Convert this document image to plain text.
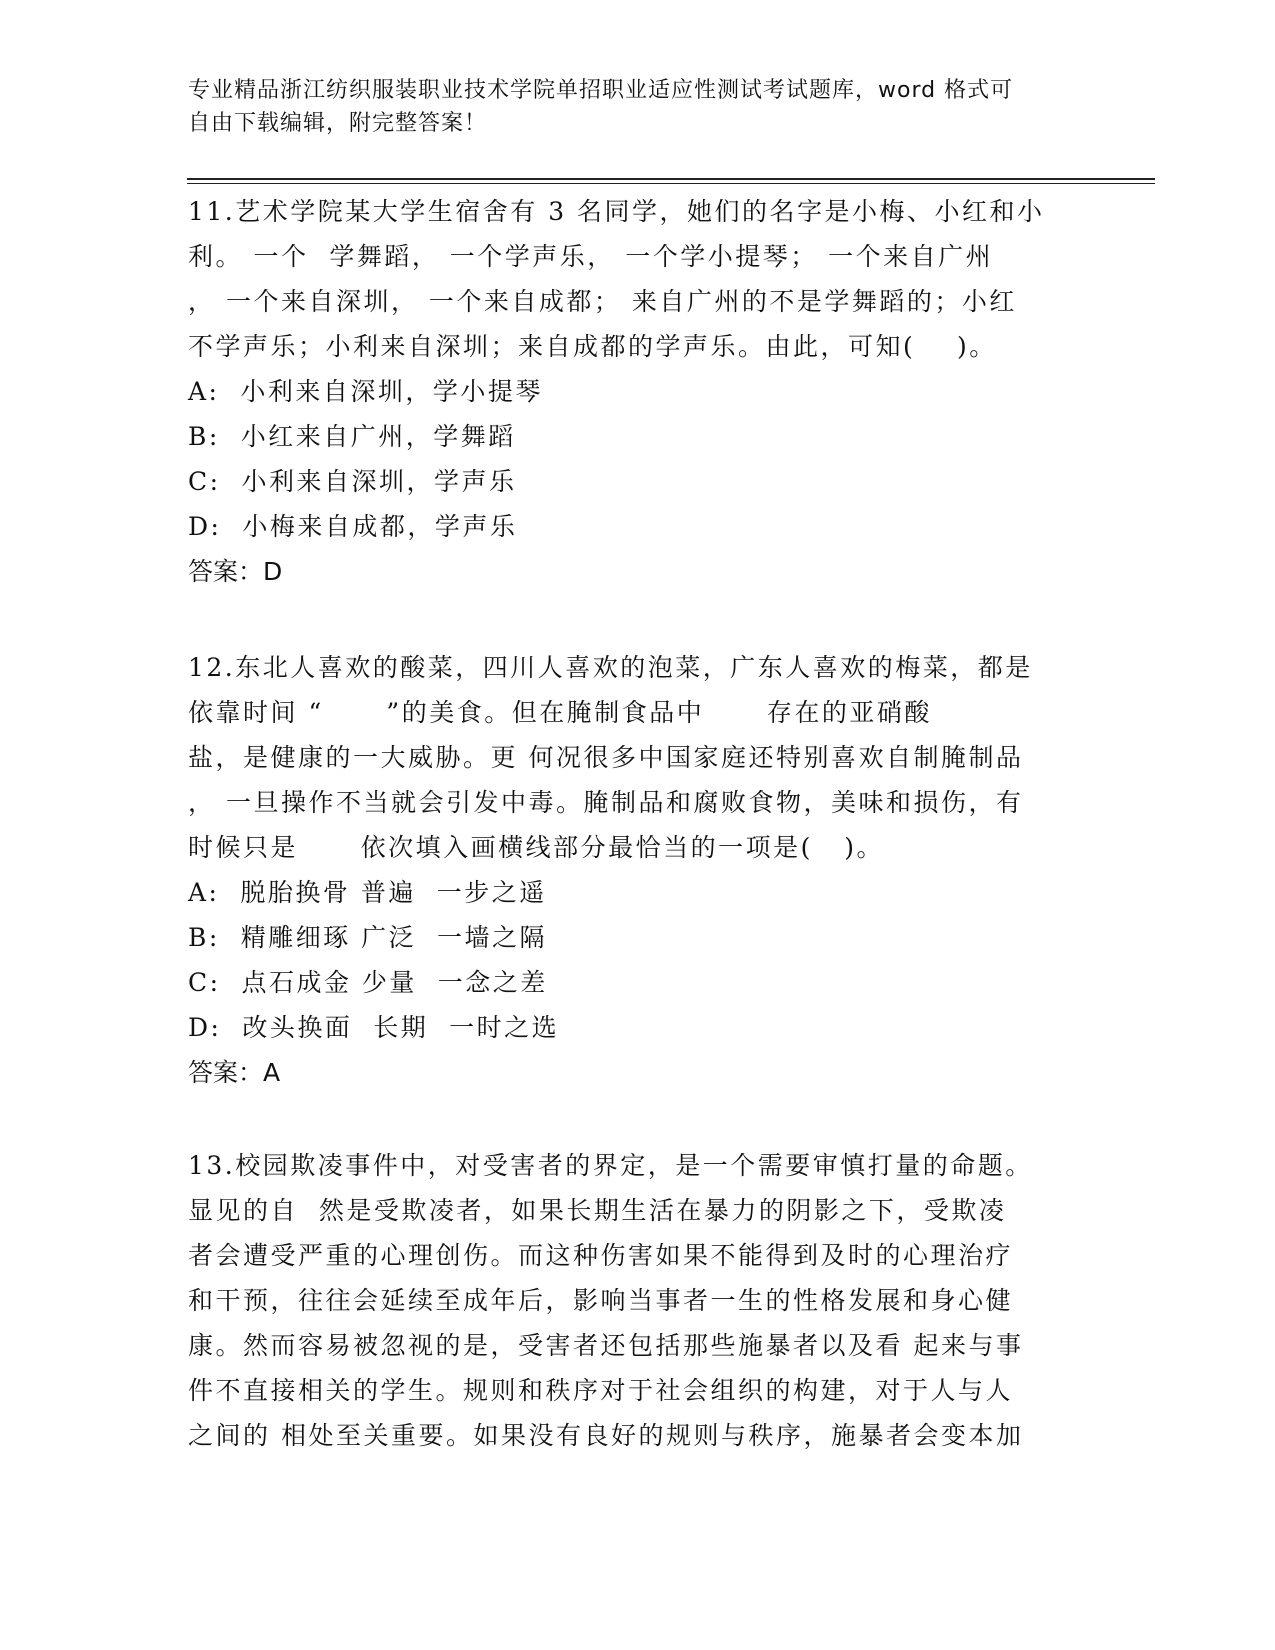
专业精品浙江纺织服装职业技术学院单招职业适应性测试考试题库，word 格式可
自由下载编辑，附完整答案！
11.艺术学院某大学生宿舍有 3 名同学，她们的名字是小梅、小红和小
利。 一个  学舞蹈， 一个学声乐， 一个学小提琴； 一个来自广州
， 一个来自深圳， 一个来自成都； 来自广州的不是学舞蹈的；小红
不学声乐；小利来自深圳；来自成都的学声乐。由此，可知(    )。
A:  小利来自深圳，学小提琴
B:  小红来自广州，学舞蹈
C:  小利来自深圳，学声乐
D:  小梅来自成都，学声乐
答案：D
12.东北人喜欢的酸菜，四川人喜欢的泡菜，广东人喜欢的梅菜，都是
依靠时间 “      ”的美食。但在腌制食品中      存在的亚硝酸
盐，是健康的一大威胁。更 何况很多中国家庭还特别喜欢自制腌制品
， 一旦操作不当就会引发中毒。腌制品和腐败食物，美味和损伤，有
时候只是      依次填入画横线部分最恰当的一项是(   )。
A:  脱胎换骨 普遍  一步之遥
B:  精雕细琢 广泛  一墙之隔
C:  点石成金 少量  一念之差
D:  改头换面  长期  一时之选
答案：A
13.校园欺凌事件中，对受害者的界定，是一个需要审慎打量的命题。
显见的自  然是受欺凌者，如果长期生活在暴力的阴影之下，受欺凌
者会遭受严重的心理创伤。而这种伤害如果不能得到及时的心理治疗
和干预，往往会延续至成年后，影响当事者一生的性格发展和身心健
康。然而容易被忽视的是，受害者还包括那些施暴者以及看 起来与事
件不直接相关的学生。规则和秩序对于社会组织的构建，对于人与人
之间的 相处至关重要。如果没有良好的规则与秩序，施暴者会变本加
